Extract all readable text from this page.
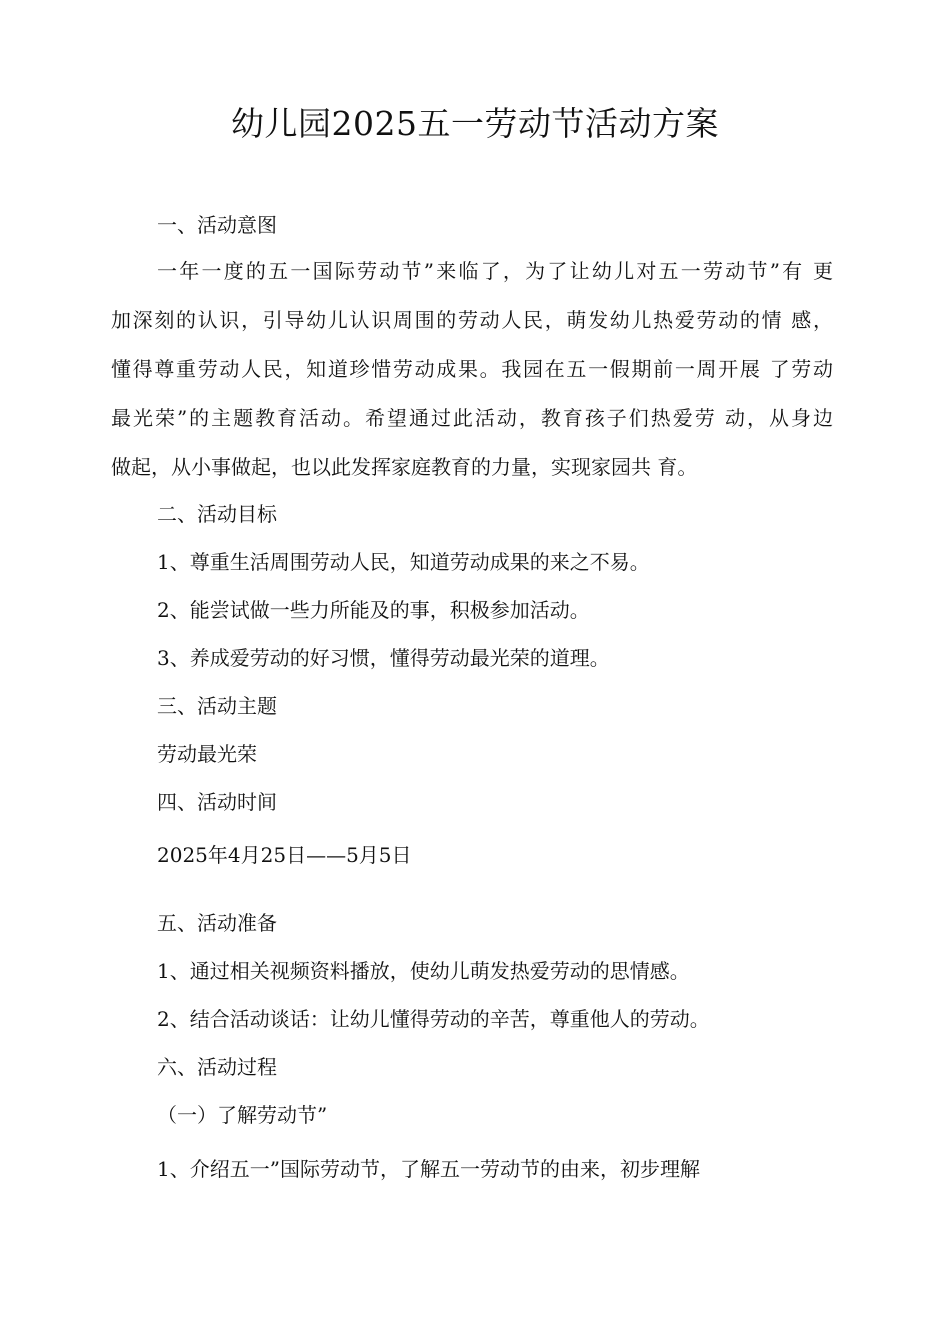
幼儿园2025五一劳动节活动方案
一、活动意图
一年一度的五一国际劳动节”来临了，为了让幼儿对五一劳动节”有 更
加深刻的认识，引导幼儿认识周围的劳动人民，萌发幼儿热爱劳动的情 感，
懂得尊重劳动人民，知道珍惜劳动成果。我园在五一假期前一周开展 了劳动
最光荣”的主题教育活动。希望通过此活动，教育孩子们热爱劳 动，从身边
做起，从小事做起，也以此发挥家庭教育的力量，实现家园共 育。
二、活动目标
1、尊重生活周围劳动人民，知道劳动成果的来之不易。
2、能尝试做一些力所能及的事，积极参加活动。
3、养成爱劳动的好习惯，懂得劳动最光荣的道理。
三、活动主题
劳动最光荣
四、活动时间
2025年4月25日——5月5日
五、活动准备
1、通过相关视频资料播放，使幼儿萌发热爱劳动的思情感。
2、结合活动谈话：让幼儿懂得劳动的辛苦，尊重他人的劳动。
六、活动过程
（一）了解劳动节”
1、介绍五一”国际劳动节，了解五一劳动节的由来，初步理解
